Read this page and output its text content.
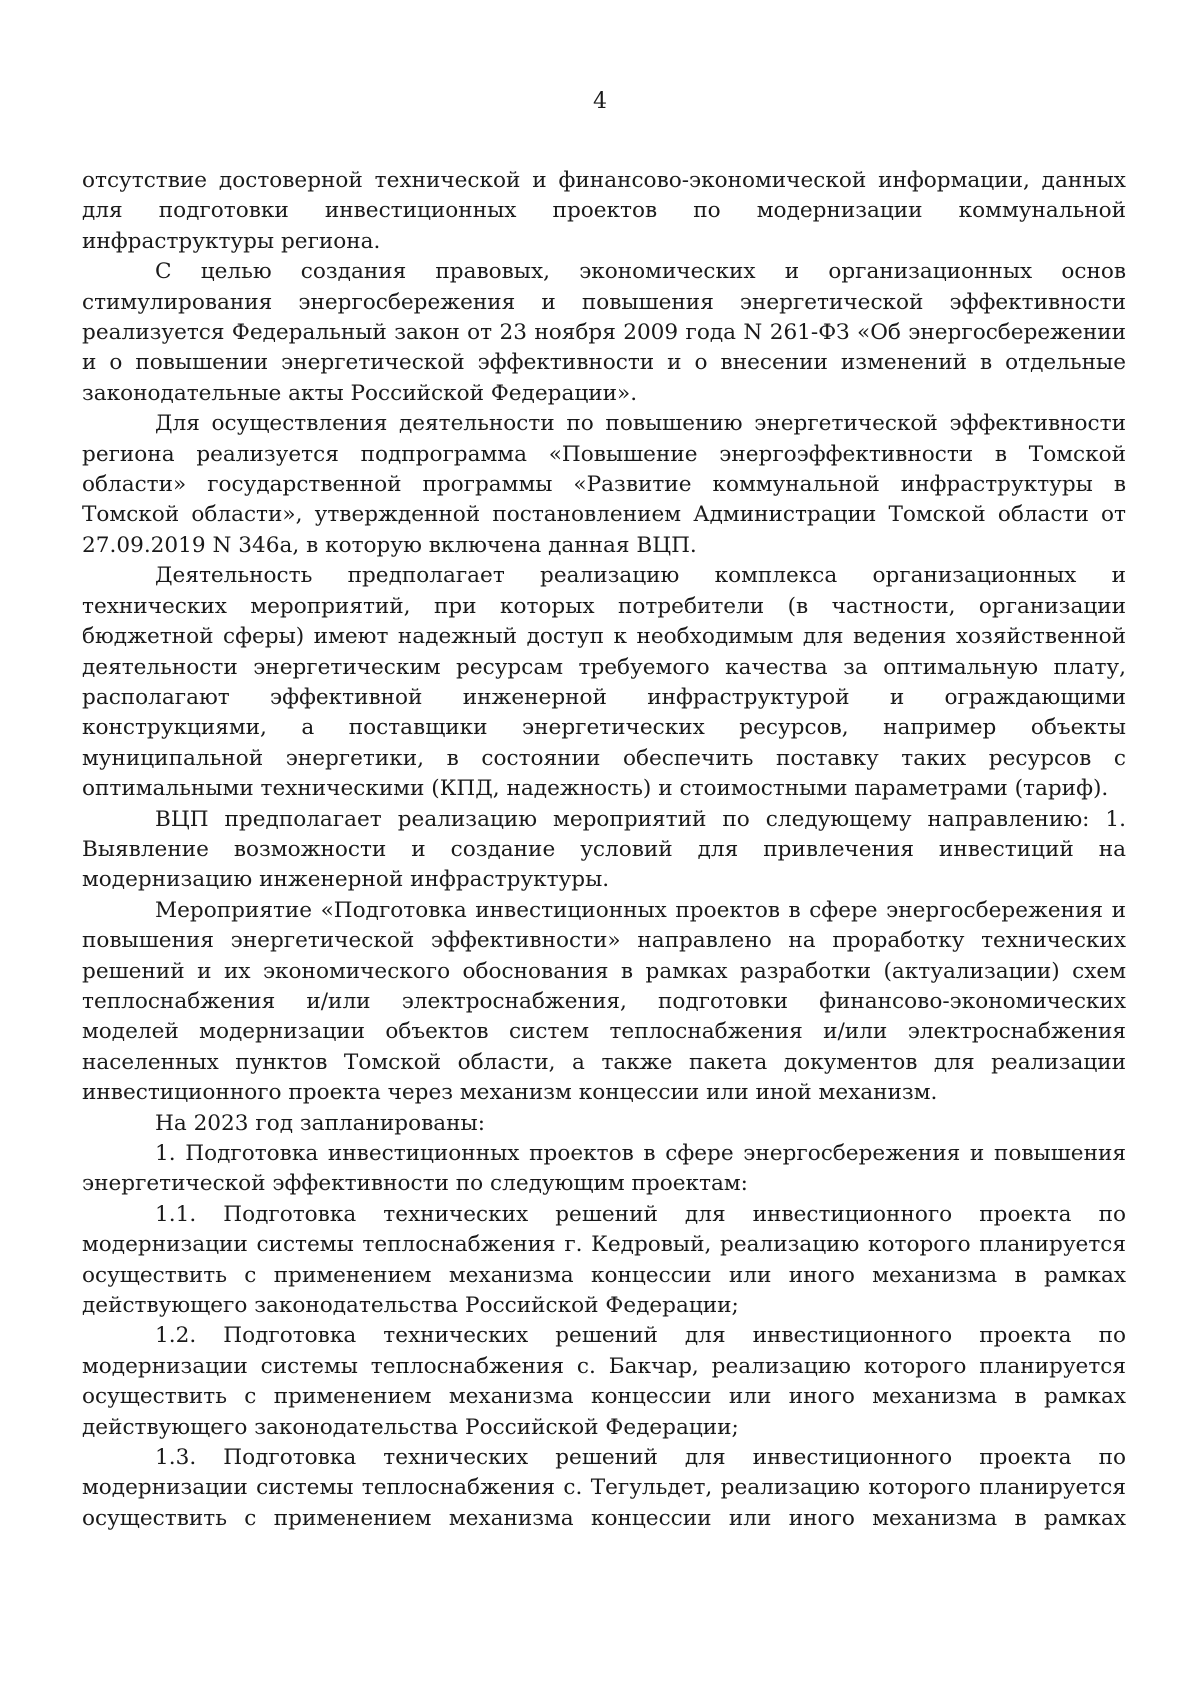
4

отсутствие достоверной технической и финансово-экономической информации, данных для подготовки инвестиционных проектов по модернизации коммунальной инфраструктуры региона.

С целью создания правовых, экономических и организационных основ стимулирования энергосбережения и повышения энергетической эффективности реализуется Федеральный закон от 23 ноября 2009 года N 261-ФЗ «Об энергосбережении и о повышении энергетической эффективности и о внесении изменений в отдельные законодательные акты Российской Федерации».

Для осуществления деятельности по повышению энергетической эффективности региона реализуется подпрограмма «Повышение энергоэффективности в Томской области» государственной программы «Развитие коммунальной инфраструктуры в Томской области», утвержденной постановлением Администрации Томской области от 27.09.2019 N 346а, в которую включена данная ВЦП.

Деятельность предполагает реализацию комплекса организационных и технических мероприятий, при которых потребители (в частности, организации бюджетной сферы) имеют надежный доступ к необходимым для ведения хозяйственной деятельности энергетическим ресурсам требуемого качества за оптимальную плату, располагают эффективной инженерной инфраструктурой и ограждающими конструкциями, а поставщики энергетических ресурсов, например объекты муниципальной энергетики, в состоянии обеспечить поставку таких ресурсов с оптимальными техническими (КПД, надежность) и стоимостными параметрами (тариф).

ВЦП предполагает реализацию мероприятий по следующему направлению: 1. Выявление возможности и создание условий для привлечения инвестиций на модернизацию инженерной инфраструктуры.

Мероприятие «Подготовка инвестиционных проектов в сфере энергосбережения и повышения энергетической эффективности» направлено на проработку технических решений и их экономического обоснования в рамках разработки (актуализации) схем теплоснабжения и/или электроснабжения, подготовки финансово-экономических моделей модернизации объектов систем теплоснабжения и/или электроснабжения населенных пунктов Томской области, а также пакета документов для реализации инвестиционного проекта через механизм концессии или иной механизм.

На 2023 год запланированы:

1. Подготовка инвестиционных проектов в сфере энергосбережения и повышения энергетической эффективности по следующим проектам:

1.1. Подготовка технических решений для инвестиционного проекта по модернизации системы теплоснабжения г. Кедровый, реализацию которого планируется осуществить с применением механизма концессии или иного механизма в рамках действующего законодательства Российской Федерации;

1.2. Подготовка технических решений для инвестиционного проекта по модернизации системы теплоснабжения с. Бакчар, реализацию которого планируется осуществить с применением механизма концессии или иного механизма в рамках действующего законодательства Российской Федерации;

1.3. Подготовка технических решений для инвестиционного проекта по модернизации системы теплоснабжения с. Тегульдет, реализацию которого планируется осуществить с применением механизма концессии или иного механизма в рамках
